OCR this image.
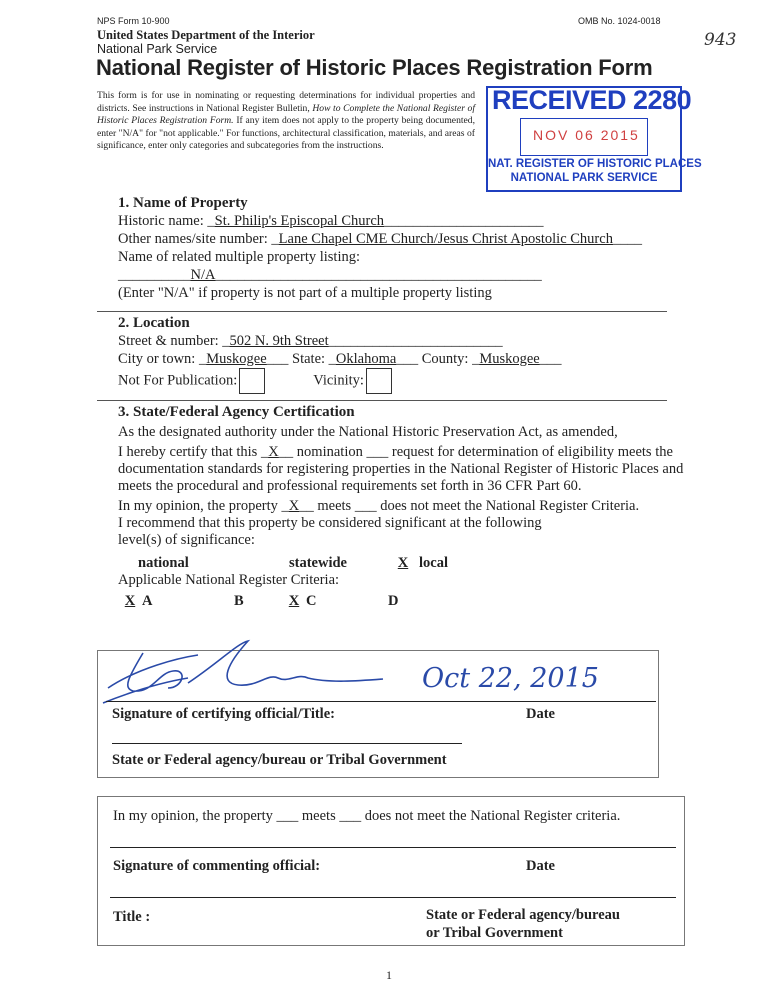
NPS Form 10-900	OMB No. 1024-0018
United States Department of the Interior
National Park Service
National Register of Historic Places Registration Form
943
This form is for use in nominating or requesting determinations for individual properties and districts. See instructions in National Register Bulletin, How to Complete the National Register of Historic Places Registration Form. If any item does not apply to the property being documented, enter "N/A" for "not applicable." For functions, architectural classification, materials, and areas of significance, enter only categories and subcategories from the instructions.
RECEIVED 2280
NOV 06 2015
NAT. REGISTER OF HISTORIC PLACES
NATIONAL PARK SERVICE
1. Name of Property
Historic name: _St. Philip's Episcopal Church______________________
Other names/site number: _Lane Chapel CME Church/Jesus Christ Apostolic Church____
Name of related multiple property listing:
__________N/A_____________________________________________
(Enter "N/A" if property is not part of a multiple property listing
2. Location
Street & number: _502 N. 9th Street________________________
City or town: _Muskogee___ State: _Oklahoma___ County: _Muskogee___
Not For Publication:	Vicinity:
3. State/Federal Agency Certification
As the designated authority under the National Historic Preservation Act, as amended,
I hereby certify that this _X__ nomination ___ request for determination of eligibility meets the documentation standards for registering properties in the National Register of Historic Places and meets the procedural and professional requirements set forth in 36 CFR Part 60.
In my opinion, the property _X__ meets ___ does not meet the National Register Criteria.
I recommend that this property be considered significant at the following
level(s) of significance:
national	statewide	X local
Applicable National Register Criteria:
X A	B	X C	D
Oct 22, 2015
Signature of certifying official/Title:	Date
State or Federal agency/bureau or Tribal Government
In my opinion, the property ___ meets ___ does not meet the National Register criteria.
Signature of commenting official:	Date
Title :	State or Federal agency/bureau
or Tribal Government
1
